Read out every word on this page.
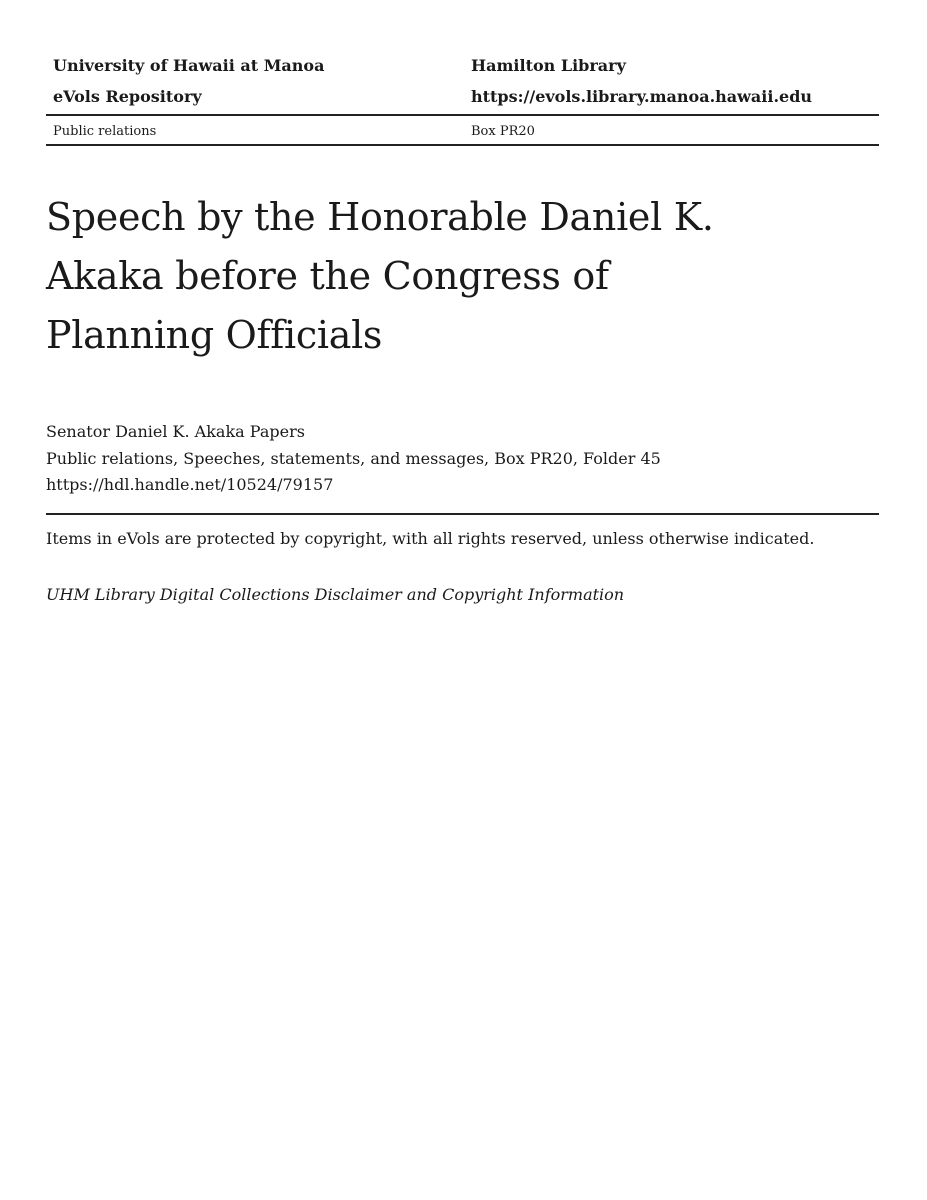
University of Hawaii at Manoa	Hamilton Library
eVols Repository	https://evols.library.manoa.hawaii.edu
Public relations	Box PR20
Speech by the Honorable Daniel K.
Akaka before the Congress of
Planning Officials
Senator Daniel K. Akaka Papers
Public relations, Speeches, statements, and messages, Box PR20, Folder 45
https://hdl.handle.net/10524/79157
Items in eVols are protected by copyright, with all rights reserved, unless otherwise indicated.
UHM Library Digital Collections Disclaimer and Copyright Information
